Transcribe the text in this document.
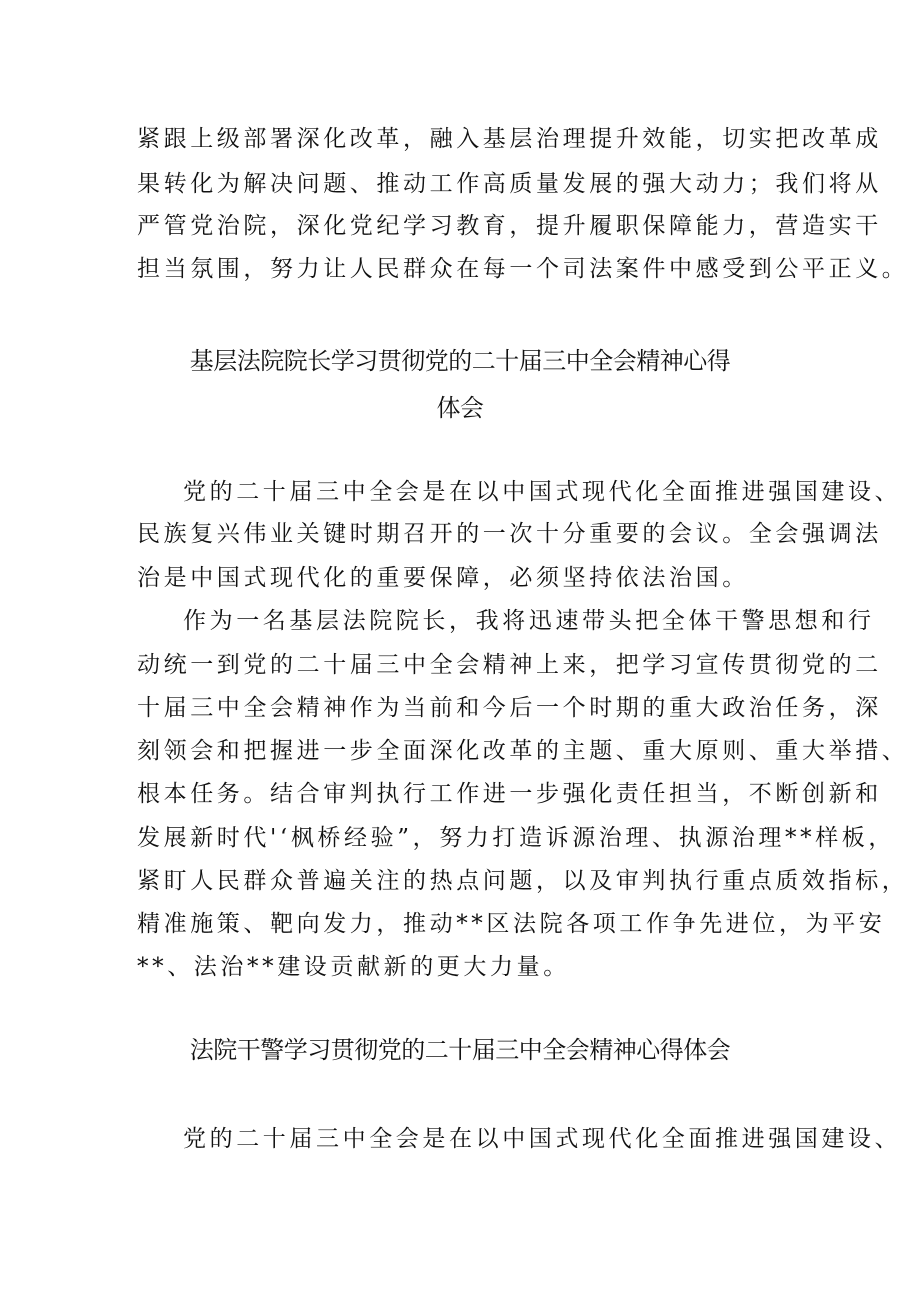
紧跟上级部署深化改革，融入基层治理提升效能，切实把改革成
果转化为解决问题、推动工作高质量发展的强大动力；我们将从
严管党治院，深化党纪学习教育，提升履职保障能力，营造实干
担当氛围，努力让人民群众在每一个司法案件中感受到公平正义。
基层法院院长学习贯彻党的二十届三中全会精神心得
体会
党的二十届三中全会是在以中国式现代化全面推进强国建设、
民族复兴伟业关键时期召开的一次十分重要的会议。全会强调法
治是中国式现代化的重要保障，必须坚持依法治国。
作为一名基层法院院长，我将迅速带头把全体干警思想和行
动统一到党的二十届三中全会精神上来，把学习宣传贯彻党的二
十届三中全会精神作为当前和今后一个时期的重大政治任务，深
刻领会和把握进一步全面深化改革的主题、重大原则、重大举措、
根本任务。结合审判执行工作进一步强化责任担当，不断创新和
发展新时代'‘枫桥经验”，努力打造诉源治理、执源治理**样板，
紧盯人民群众普遍关注的热点问题，以及审判执行重点质效指标，
精准施策、靶向发力，推动**区法院各项工作争先进位，为平安
**、法治**建设贡献新的更大力量。
法院干警学习贯彻党的二十届三中全会精神心得体会
党的二十届三中全会是在以中国式现代化全面推进强国建设、
